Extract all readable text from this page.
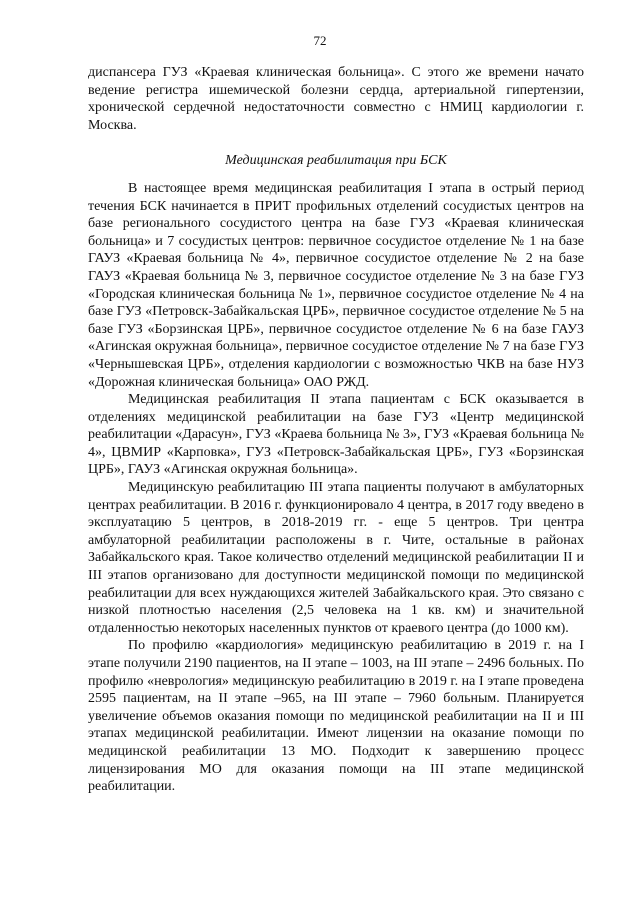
72

диспансера ГУЗ «Краевая клиническая больница». С этого же времени начато ведение регистра ишемической болезни сердца, артериальной гипертензии, хронической сердечной недостаточности совместно с НМИЦ кардиологии г. Москва.

Медицинская реабилитация при БСК

В настоящее время медицинская реабилитация I этапа в острый период течения БСК начинается в ПРИТ профильных отделений сосудистых центров на базе регионального сосудистого центра на базе ГУЗ «Краевая клиническая больница» и 7 сосудистых центров: первичное сосудистое отделение № 1 на базе ГАУЗ «Краевая больница № 4», первичное сосудистое отделение № 2 на базе ГАУЗ «Краевая больница № 3, первичное сосудистое отделение № 3 на базе ГУЗ «Городская клиническая больница № 1», первичное сосудистое отделение № 4 на базе ГУЗ «Петровск-Забайкальская ЦРБ», первичное сосудистое отделение № 5 на базе ГУЗ «Борзинская ЦРБ», первичное сосудистое отделение № 6 на базе ГАУЗ «Агинская окружная больница», первичное сосудистое отделение № 7 на базе ГУЗ «Чернышевская ЦРБ», отделения кардиологии с возможностью ЧКВ на базе НУЗ «Дорожная клиническая больница» ОАО РЖД.

Медицинская реабилитация II этапа пациентам с БСК оказывается в отделениях медицинской реабилитации на базе ГУЗ «Центр медицинской реабилитации «Дарасун», ГУЗ «Краева больница № 3», ГУЗ «Краевая больница № 4», ЦВМИР «Карповка», ГУЗ «Петровск-Забайкальская ЦРБ», ГУЗ «Борзинская ЦРБ», ГАУЗ «Агинская окружная больница».

Медицинскую реабилитацию III этапа пациенты получают в амбулаторных центрах реабилитации. В 2016 г. функционировало 4 центра, в 2017 году введено в эксплуатацию 5 центров, в 2018-2019 гг. - еще 5 центров. Три центра амбулаторной реабилитации расположены в г. Чите, остальные в районах Забайкальского края. Такое количество отделений медицинской реабилитации II и III этапов организовано для доступности медицинской помощи по медицинской реабилитации для всех нуждающихся жителей Забайкальского края. Это связано с низкой плотностью населения (2,5 человека на 1 кв. км) и значительной отдаленностью некоторых населенных пунктов от краевого центра (до 1000 км).

По профилю «кардиология» медицинскую реабилитацию в 2019 г. на I этапе получили 2190 пациентов, на II этапе – 1003, на III этапе – 2496 больных. По профилю «неврология» медицинскую реабилитацию в 2019 г. на I этапе проведена 2595 пациентам, на II этапе –965, на III этапе – 7960 больным. Планируется увеличение объемов оказания помощи по медицинской реабилитации на II и III этапах медицинской реабилитации. Имеют лицензии на оказание помощи по медицинской реабилитации 13 МО. Подходит к завершению процесс лицензирования МО для оказания помощи на III этапе медицинской реабилитации.
